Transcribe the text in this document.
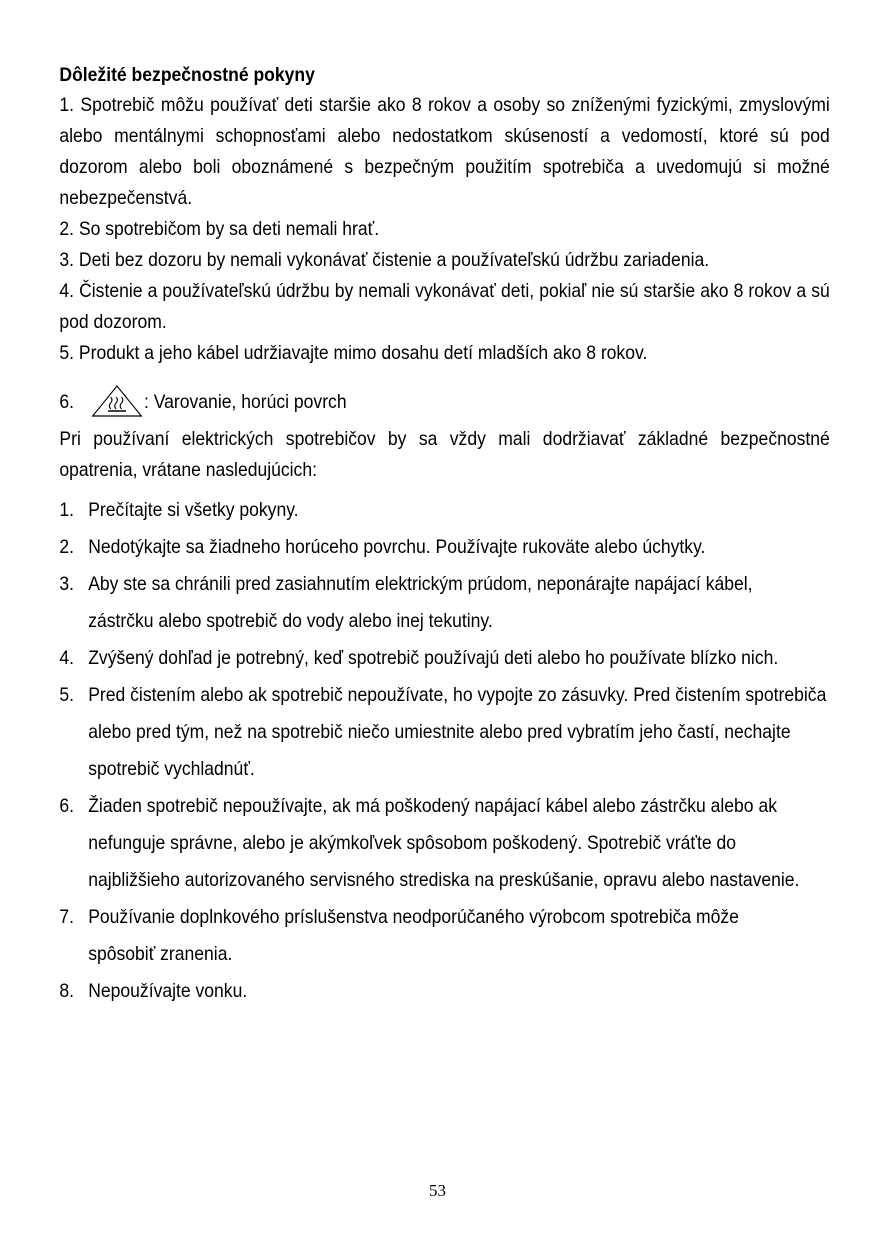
Dôležité bezpečnostné pokyny

1. Spotrebič môžu používať deti staršie ako 8 rokov a osoby so zníženými fyzickými, zmyslovými alebo mentálnymi schopnosťami alebo nedostatkom skúseností a vedomostí, ktoré sú pod dozorom alebo boli oboznámené s bezpečným použitím spotrebiča a uvedomujú si možné nebezpečenstvá.

2. So spotrebičom by sa deti nemali hrať.

3. Deti bez dozoru by nemali vykonávať čistenie a používateľskú údržbu zariadenia.

4. Čistenie a používateľskú údržbu by nemali vykonávať deti, pokiaľ nie sú staršie ako 8 rokov a sú pod dozorom.

5. Produkt a jeho kábel udržiavajte mimo dosahu detí mladších ako 8 rokov.

6.	: Varovanie, horúci povrch

Pri používaní elektrických spotrebičov by sa vždy mali dodržiavať základné bezpečnostné opatrenia, vrátane nasledujúcich:

1. Prečítajte si všetky pokyny.
2. Nedotýkajte sa žiadneho horúceho povrchu. Používajte rukoväte alebo úchytky.
3. Aby ste sa chránili pred zasiahnutím elektrickým prúdom, neponárajte napájací kábel, zástrčku alebo spotrebič do vody alebo inej tekutiny.
4. Zvýšený dohľad je potrebný, keď spotrebič používajú deti alebo ho používate blízko nich.
5. Pred čistením alebo ak spotrebič nepoužívate, ho vypojte zo zásuvky. Pred čistením spotrebiča alebo pred tým, než na spotrebič niečo umiestnite alebo pred vybratím jeho častí, nechajte spotrebič vychladnúť.
6. Žiaden spotrebič nepoužívajte, ak má poškodený napájací kábel alebo zástrčku alebo ak nefunguje správne, alebo je akýmkoľvek spôsobom poškodený. Spotrebič vráťte do najbližšieho autorizovaného servisného strediska na preskúšanie, opravu alebo nastavenie.
7. Používanie doplnkového príslušenstva neodporúčaného výrobcom spotrebiča môže spôsobiť zranenia.
8. Nepoužívajte vonku.
53
